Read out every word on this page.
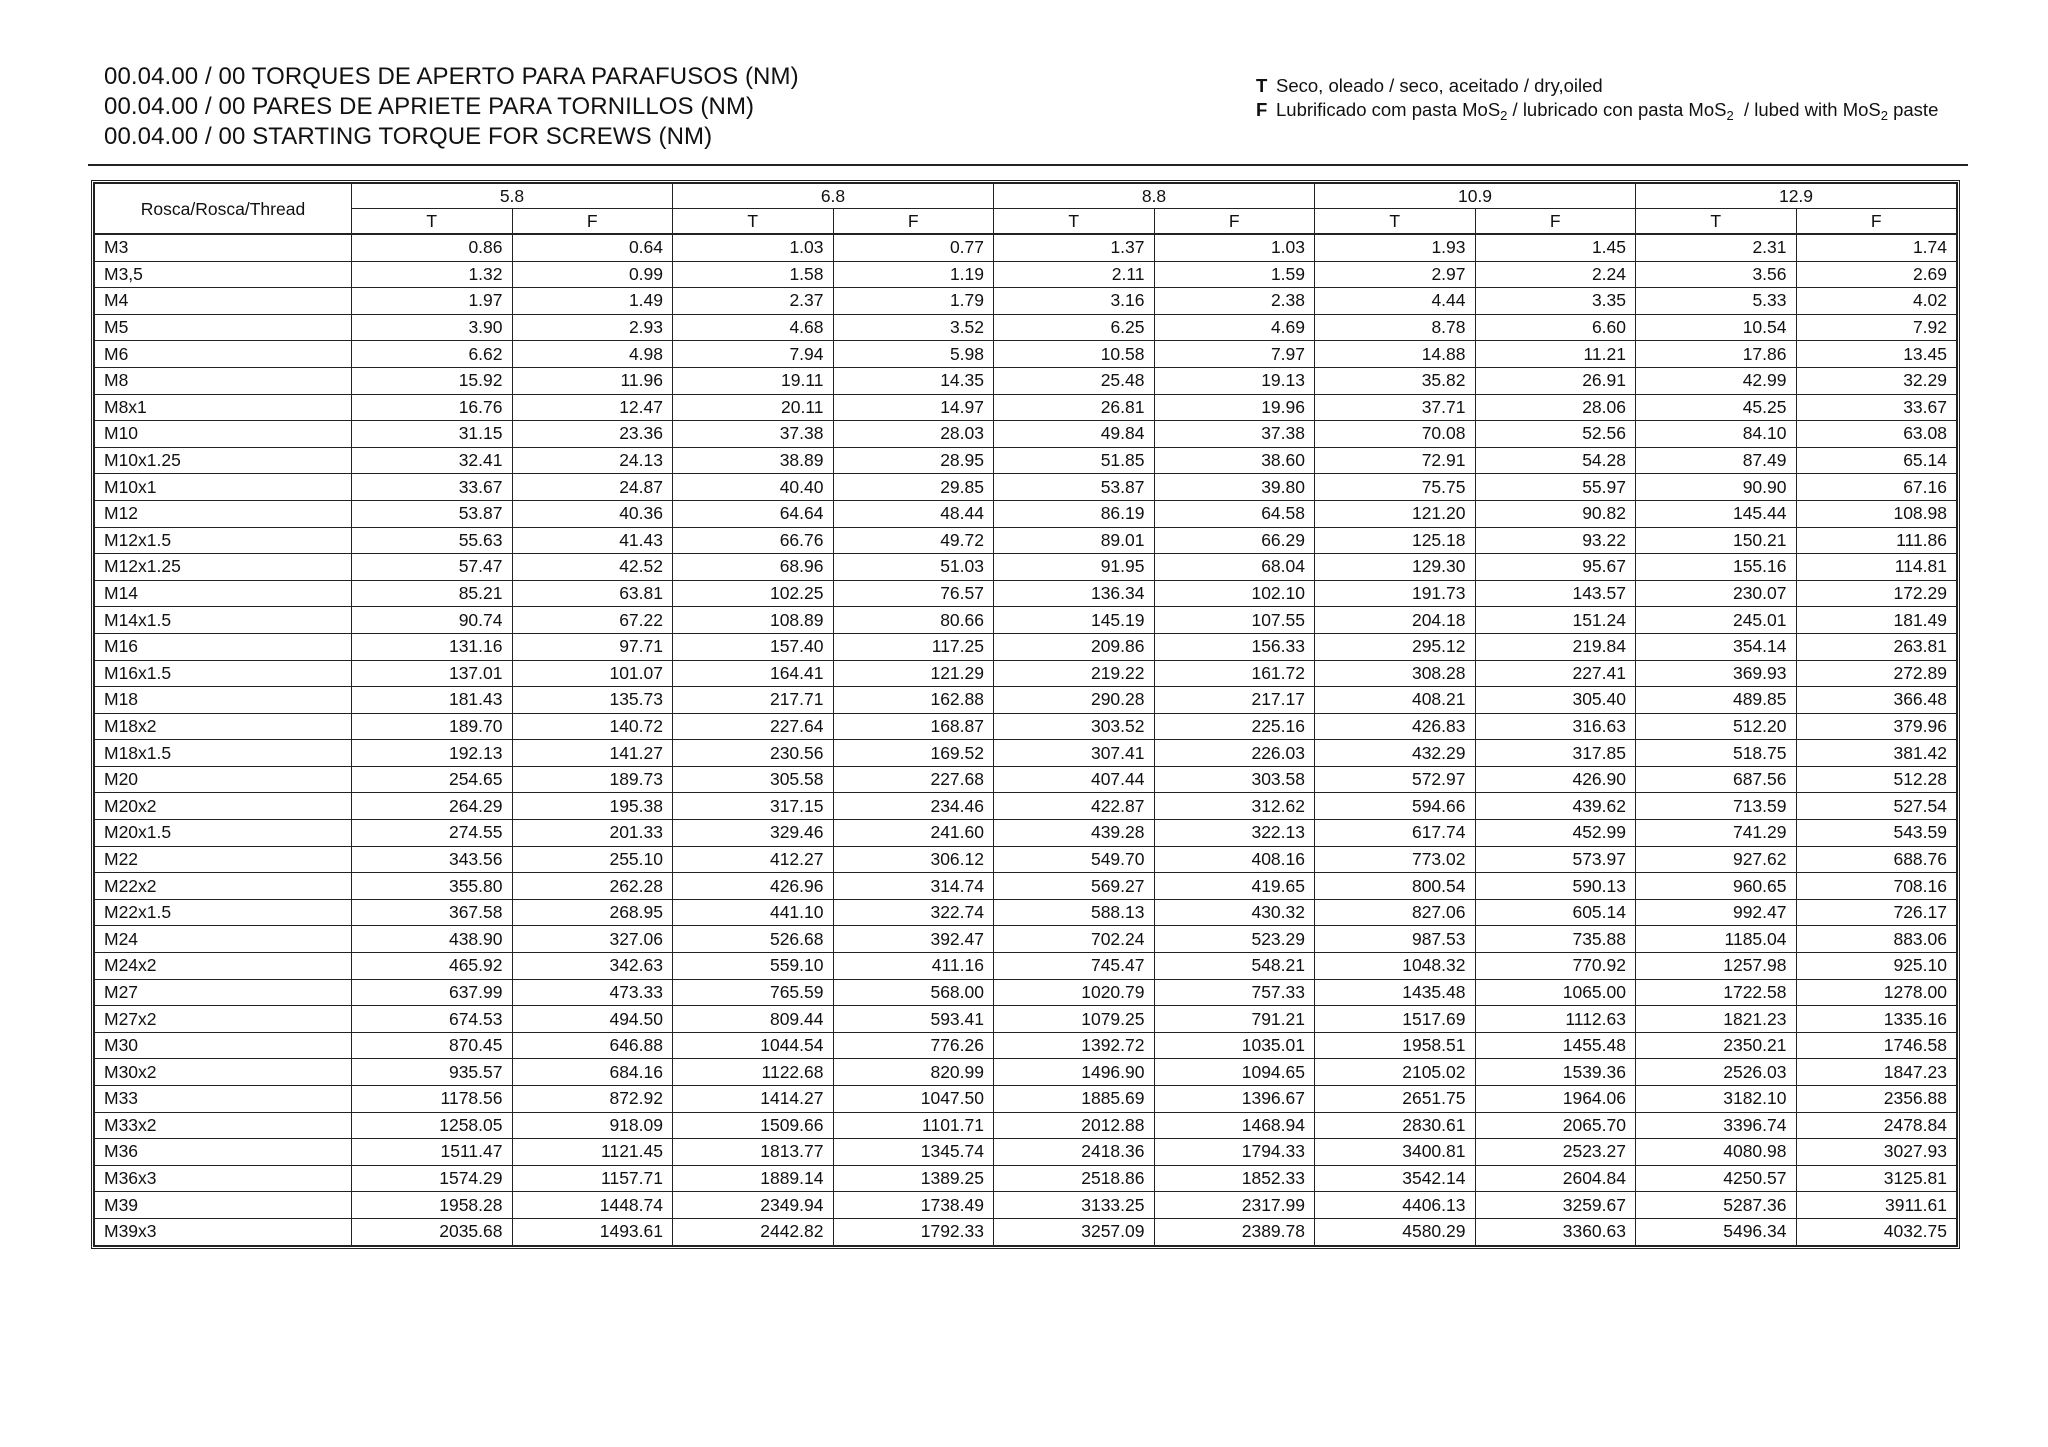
00.04.00 / 00 TORQUES DE APERTO PARA PARAFUSOS (NM)
00.04.00 / 00 PARES DE APRIETE PARA TORNILLOS (NM)
00.04.00 / 00 STARTING TORQUE FOR SCREWS (NM)
T Seco, oleado / seco, aceitado / dry,oiled
F Lubrificado com pasta MoS$_2$ / lubricado con pasta MoS$_2$  / lubed with MoS$_2$ paste
Rosca/Rosca/Thread	5.8		6.8		8.8		10.9		12.9	
	T	F	T	F	T	F	T	F	T	F
M3	0.86	0.64	1.03	0.77	1.37	1.03	1.93	1.45	2.31	1.74
M3,5	1.32	0.99	1.58	1.19	2.11	1.59	2.97	2.24	3.56	2.69
M4	1.97	1.49	2.37	1.79	3.16	2.38	4.44	3.35	5.33	4.02
M5	3.90	2.93	4.68	3.52	6.25	4.69	8.78	6.60	10.54	7.92
M6	6.62	4.98	7.94	5.98	10.58	7.97	14.88	11.21	17.86	13.45
M8	15.92	11.96	19.11	14.35	25.48	19.13	35.82	26.91	42.99	32.29
M8x1	16.76	12.47	20.11	14.97	26.81	19.96	37.71	28.06	45.25	33.67
M10	31.15	23.36	37.38	28.03	49.84	37.38	70.08	52.56	84.10	63.08
M10x1.25	32.41	24.13	38.89	28.95	51.85	38.60	72.91	54.28	87.49	65.14
M10x1	33.67	24.87	40.40	29.85	53.87	39.80	75.75	55.97	90.90	67.16
M12	53.87	40.36	64.64	48.44	86.19	64.58	121.20	90.82	145.44	108.98
M12x1.5	55.63	41.43	66.76	49.72	89.01	66.29	125.18	93.22	150.21	111.86
M12x1.25	57.47	42.52	68.96	51.03	91.95	68.04	129.30	95.67	155.16	114.81
M14	85.21	63.81	102.25	76.57	136.34	102.10	191.73	143.57	230.07	172.29
M14x1.5	90.74	67.22	108.89	80.66	145.19	107.55	204.18	151.24	245.01	181.49
M16	131.16	97.71	157.40	117.25	209.86	156.33	295.12	219.84	354.14	263.81
M16x1.5	137.01	101.07	164.41	121.29	219.22	161.72	308.28	227.41	369.93	272.89
M18	181.43	135.73	217.71	162.88	290.28	217.17	408.21	305.40	489.85	366.48
M18x2	189.70	140.72	227.64	168.87	303.52	225.16	426.83	316.63	512.20	379.96
M18x1.5	192.13	141.27	230.56	169.52	307.41	226.03	432.29	317.85	518.75	381.42
M20	254.65	189.73	305.58	227.68	407.44	303.58	572.97	426.90	687.56	512.28
M20x2	264.29	195.38	317.15	234.46	422.87	312.62	594.66	439.62	713.59	527.54
M20x1.5	274.55	201.33	329.46	241.60	439.28	322.13	617.74	452.99	741.29	543.59
M22	343.56	255.10	412.27	306.12	549.70	408.16	773.02	573.97	927.62	688.76
M22x2	355.80	262.28	426.96	314.74	569.27	419.65	800.54	590.13	960.65	708.16
M22x1.5	367.58	268.95	441.10	322.74	588.13	430.32	827.06	605.14	992.47	726.17
M24	438.90	327.06	526.68	392.47	702.24	523.29	987.53	735.88	1185.04	883.06
M24x2	465.92	342.63	559.10	411.16	745.47	548.21	1048.32	770.92	1257.98	925.10
M27	637.99	473.33	765.59	568.00	1020.79	757.33	1435.48	1065.00	1722.58	1278.00
M27x2	674.53	494.50	809.44	593.41	1079.25	791.21	1517.69	1112.63	1821.23	1335.16
M30	870.45	646.88	1044.54	776.26	1392.72	1035.01	1958.51	1455.48	2350.21	1746.58
M30x2	935.57	684.16	1122.68	820.99	1496.90	1094.65	2105.02	1539.36	2526.03	1847.23
M33	1178.56	872.92	1414.27	1047.50	1885.69	1396.67	2651.75	1964.06	3182.10	2356.88
M33x2	1258.05	918.09	1509.66	1101.71	2012.88	1468.94	2830.61	2065.70	3396.74	2478.84
M36	1511.47	1121.45	1813.77	1345.74	2418.36	1794.33	3400.81	2523.27	4080.98	3027.93
M36x3	1574.29	1157.71	1889.14	1389.25	2518.86	1852.33	3542.14	2604.84	4250.57	3125.81
M39	1958.28	1448.74	2349.94	1738.49	3133.25	2317.99	4406.13	3259.67	5287.36	3911.61
M39x3	2035.68	1493.61	2442.82	1792.33	3257.09	2389.78	4580.29	3360.63	5496.34	4032.75
